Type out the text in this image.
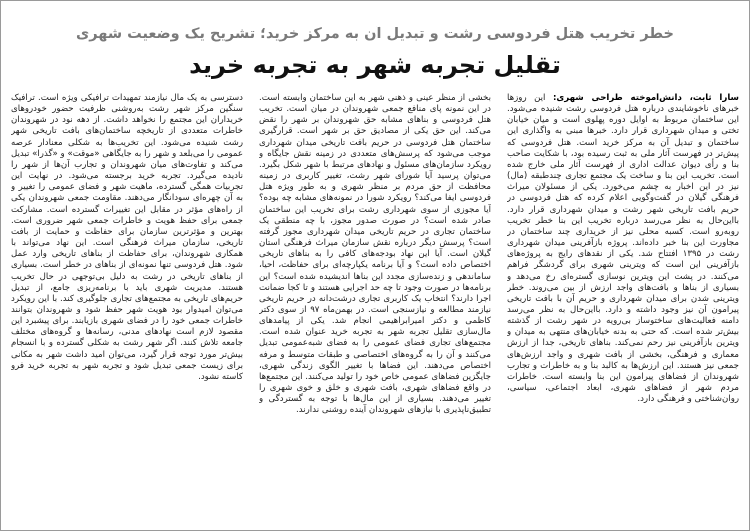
خطر تخریب هتل فردوسی رشت و تبدیل آن به مرکز خرید؛ تشریح یک وضعیت شهری
تقلیل تجربه شهر به تجربه خرید

سارا ثابت، دانش‌آموخته طراحی شهری: این روزها خبرهای ناخوشایندی درباره هتل فردوسی رشت شنیده می‌شود. این ساختمان مربوط به اوایل دوره پهلوی است و میان خیابان تختی و میدان شهرداری قرار دارد. خبرها مبنی به واگذاری این ساختمان و تبدیل آن به مرکز خرید است. هتل فردوسی که پیش‌تر در فهرست آثار ملی به ثبت رسیده بود، با شکایت صاحب بنا و رأی دیوان عدالت اداری از فهرست آثار ملی خارج شده است. تخریب این بنا و ساخت یک مجتمع تجاری چندطبقه (مال) نیز در این اخبار به چشم می‌خورد. یکی از مسئولان میراث فرهنگی گیلان در گفت‌وگویی اعلام کرده که هتل فردوسی در حریم بافت تاریخی شهر رشت و میدان شهرداری قرار دارد. بااین‌حال به نظر می‌رسد درباره تخریب این بنا خطر تخریب روبه‌رو است. کسبه محلی نیز از خریداری چند ساختمان در مجاورت این بنا خبر داده‌اند. پروژه بازآفرینی میدان شهرداری رشت در ۱۳۹۵ افتتاح شد. یکی از نقدهای رایج به پروژه‌های بازآفرینی این است که ویترینی شهری برای گردشگر فراهم می‌کنند. در پشت این ویترین نوسازی گستره‌ای رخ می‌دهد و بسیاری از بناها و بافت‌های واجد ارزش از بین می‌روند. خطر ویترینی شدن برای میدان شهرداری و حریم آن با بافت تاریخی پیرامون آن نیز وجود داشته و دارد. بااین‌حال به نظر می‌رسد دامنه فعالیت‌های ساختوساز بی‌رویه در شهر رشت از گذشته بیش‌تر شده است. که حتی به بدنه خیابان‌های منتهی به میدان و ویترین بازآفرینی نیز رحم نمی‌کند. بناهای تاریخی، جدا از ارزش معماری و فرهنگی، بخشی از بافت شهری و واجد ارزش‌های جمعی نیز هستند. این ارزش‌ها به کالبد بنا و به خاطرات و تجارب شهروندان از فضاهای پیرامون این بنا وابسته است. خاطرات مردم شهر از فضاهای شهری، ابعاد اجتماعی، سیاسی، روان‌شناختی و فرهنگی دارد.

بخشی از منظر عینی و ذهنی شهر به این ساختمان وابسته است. در این نمونه پای منافع جمعی شهروندان در میان است. تخریب هتل فردوسی و بناهای مشابه حق شهروندان بر شهر را نقض می‌کند. این حق یکی از مصادیق حق بر شهر است. قرارگیری ساختمان هتل فردوسی در حریم بافت تاریخی میدان شهرداری موجب می‌شود که پرسش‌های متعددی در زمینه نقش جایگاه و رویکرد سازمان‌های مسئول و نهادهای مرتبط با شهر شکل بگیرد. می‌توان پرسید آیا شورای شهر رشت، تغییر کاربری در زمینه محافظت از حق مردم بر منظر شهری و به طور ویژه هتل فردوسی ایفا می‌کند؟ رویکرد شورا در نمونه‌های مشابه چه بوده؟ آیا مجوزی از سوی شهرداری رشت برای تخریب این ساختمان صادر شده است؟ در صورت صدور مجوز، با چه منطقی یک ساختمان تجاری در حریم تاریخی میدان شهرداری مجوز گرفته است؟ پرسش دیگر درباره نقش سازمان میراث فرهنگی استان گیلان است. آیا این نهاد بودجه‌های کافی را به بناهای تاریخی اختصاص داده است؟ و آیا برنامه یکپارچه‌ای برای حفاظت، احیا، ساماندهی و زنده‌سازی مجدد این بناها اندیشیده شده است؟ این برنامه‌ها در صورت وجود تا چه حد اجرایی هستند و تا کجا ضمانت اجرا دارند؟ انتخاب یک کاربری تجاری درشت‌دانه در حریم تاریخی نیازمند مطالعه و نیازسنجی است. در بهمن‌ماه ۹۷ از سوی دکتر کاظمی و دکتر امیرابراهیمی انجام شد. یکی از پیامدهای مال‌سازی تقلیل تجربه شهر به تجربه خرید عنوان شده است. مجتمع‌های تجاری فضای عمومی را به فضای شبه‌عمومی تبدیل می‌کنند و آن را به گروه‌های اختصاصی و طبقات متوسط و مرفه اختصاص می‌دهند. این فضاها با تغییر الگوی زندگی شهری، جایگزین فضاهای عمومی خاص خود را تولید می‌کنند. این مجتمع‌ها در واقع فضاهای شهری، بافت شهری و خلق و خوی شهری را تغییر می‌دهند. بسیاری از این مال‌ها با توجه به گستردگی و تطبیق‌ناپذیری با نیازهای شهروندان آینده روشنی ندارند.

دسترسی به یک مال نیازمند تمهیدات ترافیکی ویژه است. ترافیک سنگین مرکز شهر رشت به‌روشنی ظرفیت حضور خودروهای خریداران این مجتمع را نخواهد داشت. از دهه نود در شهروندان خاطرات متعددی از تاریخچه ساختمان‌های بافت تاریخی شهر رشت شنیده می‌شود. این تخریب‌ها به شکلی معنادار عرصه عمومی را می‌بلعد و شهر را به جایگاهی «موقت» و «گذرا» تبدیل می‌کند و تفاوت‌های میان شهروندان و تجارب آن‌ها از شهر را نادیده می‌گیرد. تجربه خرید برجسته می‌شود. در نهایت این تجربیات همگی گسترده، ماهیت شهر و فضای عمومی را تغییر و به آن چهره‌ای سودانگار می‌دهند. مقاومت جمعی شهروندان یکی از راه‌های مؤثر در مقابل این تغییرات گسترده است. مشارکت جمعی برای حفظ هویت و خاطرات جمعی شهر ضروری است. بهترین و مؤثرترین سازمان برای حفاظت و حمایت از بافت تاریخی، سازمان میراث فرهنگی است. این نهاد می‌تواند با همکاری شهروندان، برای حفاظت از بناهای تاریخی وارد عمل شود. هتل فردوسی تنها نمونه‌ای از بناهای در خطر است. بسیاری از بناهای تاریخی در رشت به دلیل بی‌توجهی در حال تخریب هستند. مدیریت شهری باید با برنامه‌ریزی جامع، از تبدیل حریم‌های تاریخی به مجتمع‌های تجاری جلوگیری کند. با این رویکرد می‌توان امیدوار بود هویت شهر حفظ شود و شهروندان بتوانند خاطرات جمعی خود را در فضای شهری بازیابند. برای پیشبرد این مقصود لازم است نهادهای مدنی، رسانه‌ها و گروه‌های مختلف جامعه تلاش کنند. اگر شهر رشت به شکلی گسترده و با انسجام بیش‌تر مورد توجه قرار گیرد، می‌توان امید داشت شهر به مکانی برای زیست جمعی تبدیل شود و تجربه شهر به تجربه خرید فرو کاسته نشود.
